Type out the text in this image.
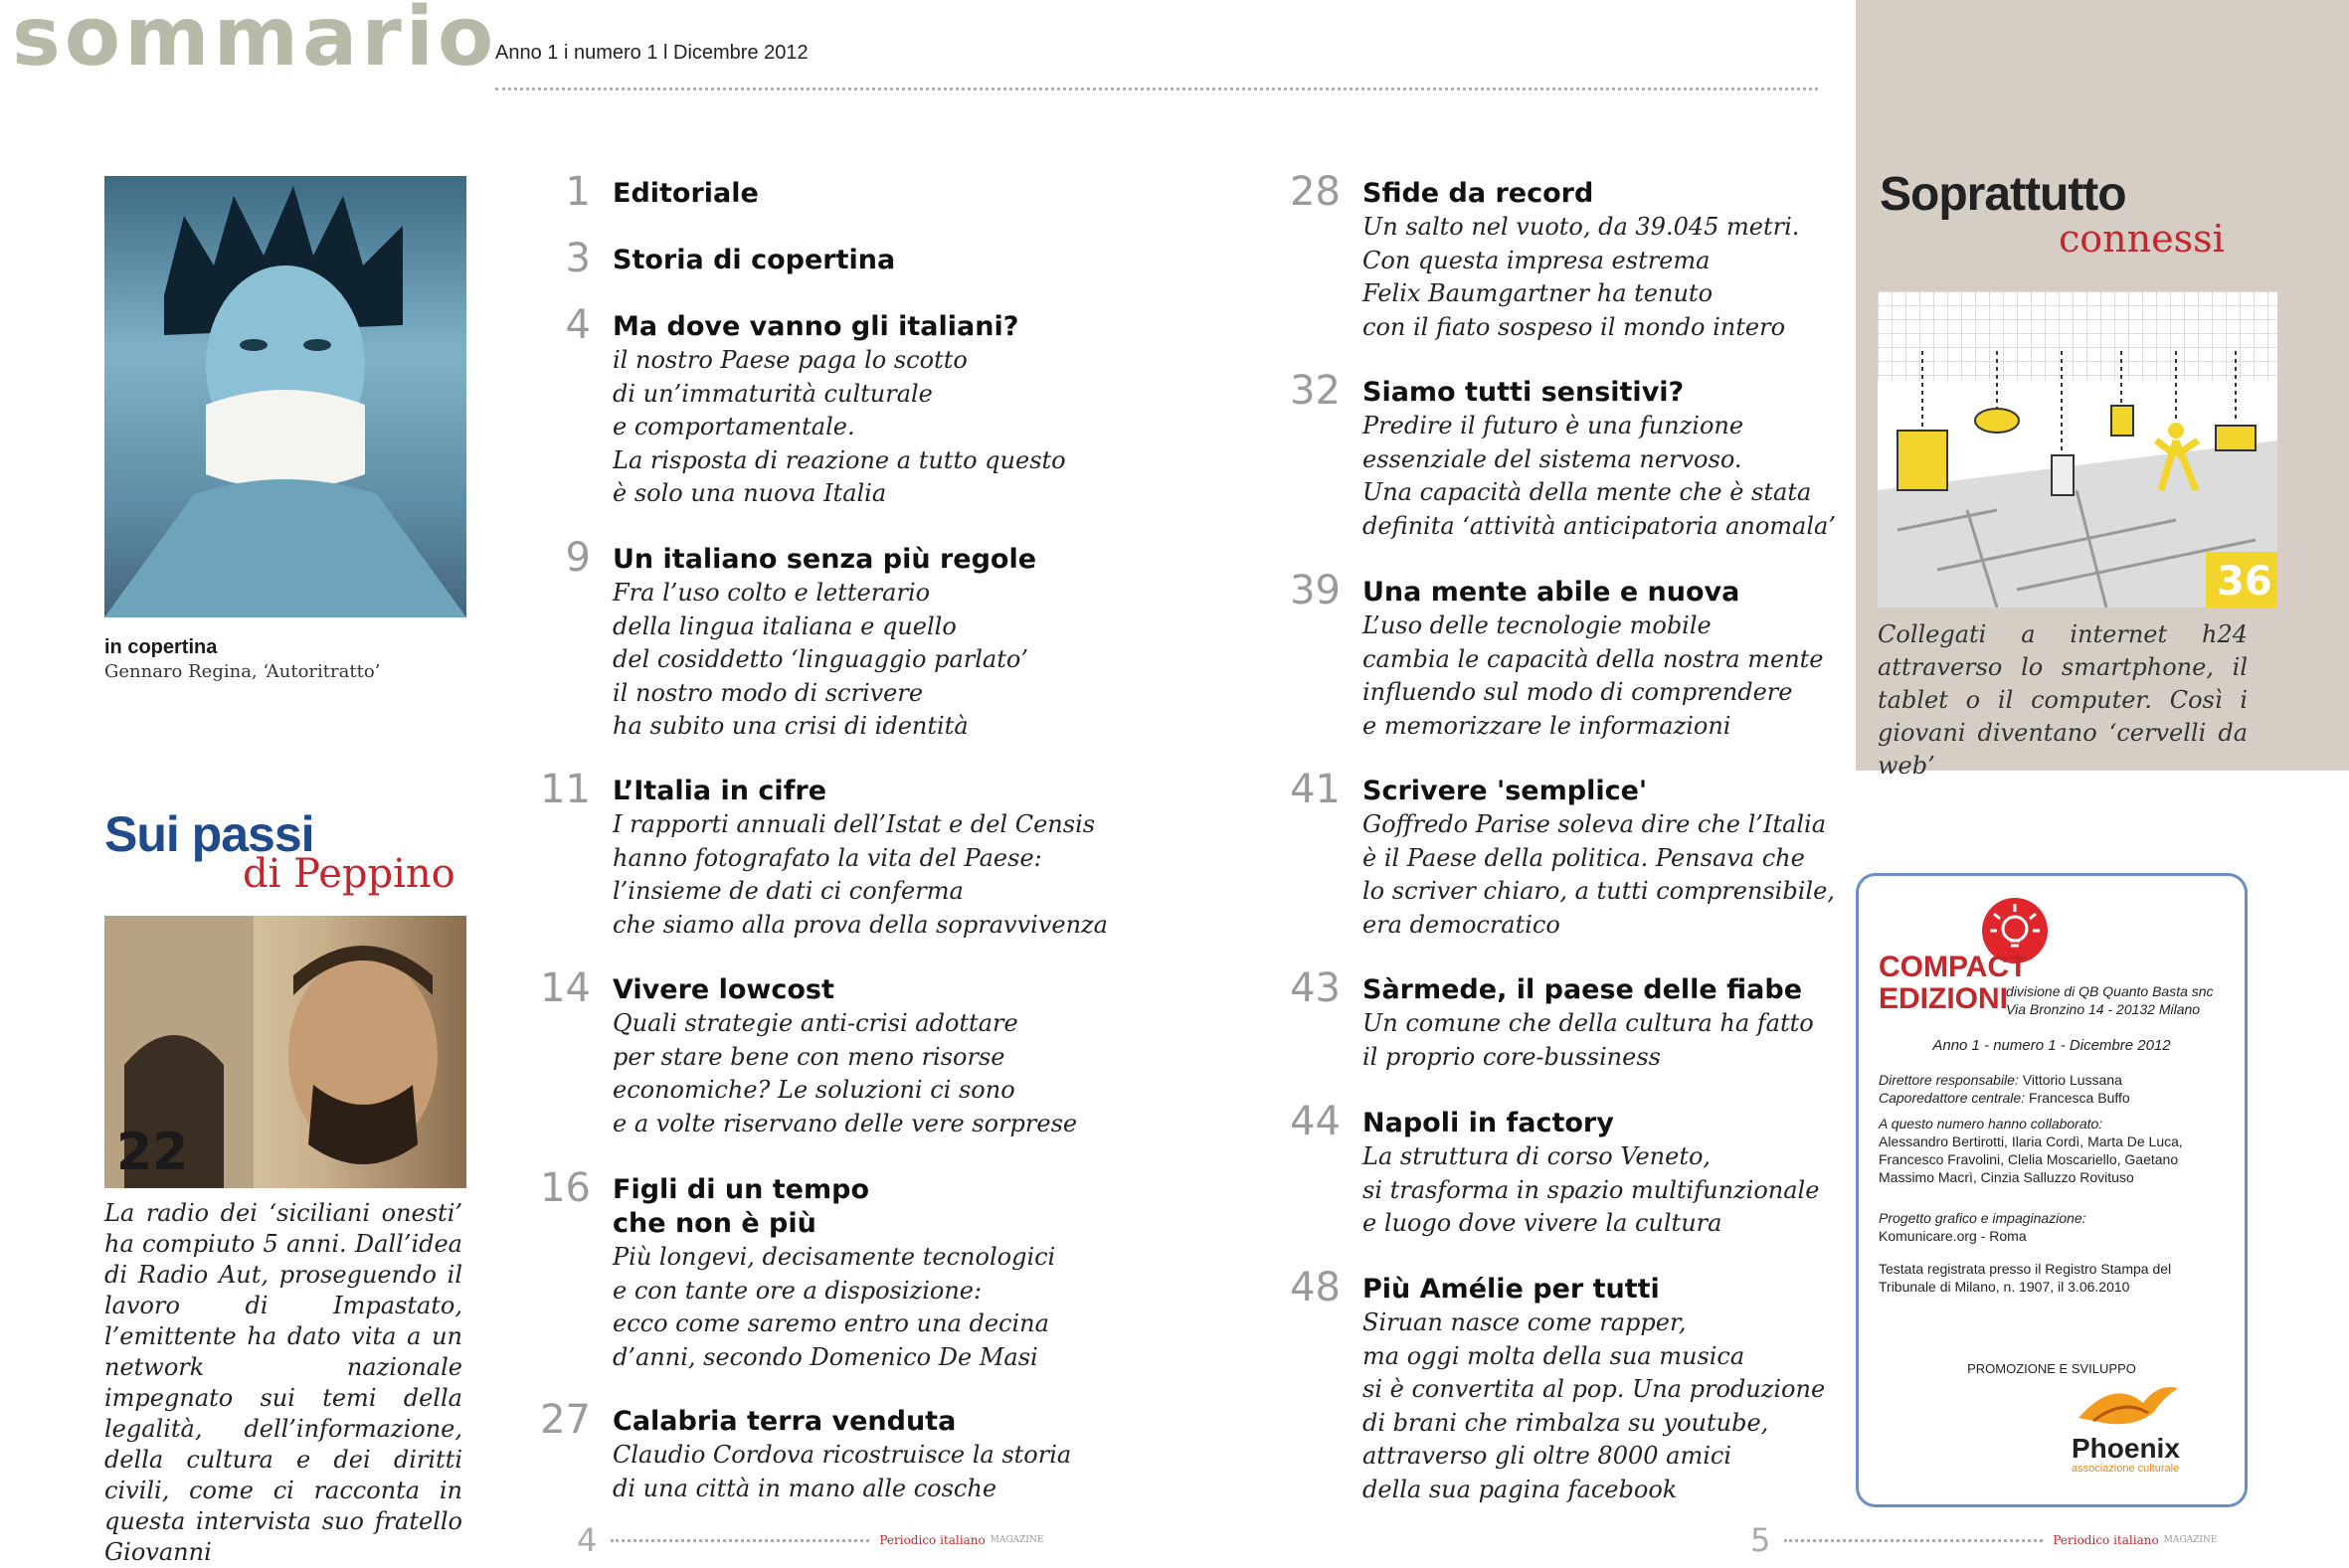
sommario
Anno 1 i numero 1 l Dicembre 2012
in copertina
Gennaro Regina, ‘Autoritratto’
Sui passi
di Peppino
22
La radio dei ‘siciliani onesti’ ha compiuto 5 anni. Dall’idea di Radio Aut, proseguendo il lavoro di Impastato, l’emittente ha dato vita a un network nazionale impegnato sui temi della legalità, dell’informazione, della cultura e dei diritti civili, come ci racconta in questa intervista suo fratello Giovanni
1 Editoriale
3 Storia di copertina
4 Ma dove vanno gli italiani?
il nostro Paese paga lo scotto
di un’immaturità culturale
e comportamentale.
La risposta di reazione a tutto questo
è solo una nuova Italia
9 Un italiano senza più regole
Fra l’uso colto e letterario
della lingua italiana e quello
del cosiddetto ‘linguaggio parlato’
il nostro modo di scrivere
ha subito una crisi di identità
11 L’Italia in cifre
I rapporti annuali dell’Istat e del Censis
hanno fotografato la vita del Paese:
l’insieme de dati ci conferma
che siamo alla prova della sopravvivenza
14 Vivere lowcost
Quali strategie anti-crisi adottare
per stare bene con meno risorse
economiche? Le soluzioni ci sono
e a volte riservano delle vere sorprese
16 Figli di un tempo
che non è più
Più longevi, decisamente tecnologici
e con tante ore a disposizione:
ecco come saremo entro una decina
d’anni, secondo Domenico De Masi
27 Calabria terra venduta
Claudio Cordova ricostruisce la storia
di una città in mano alle cosche
28 Sfide da record
Un salto nel vuoto, da 39.045 metri.
Con questa impresa estrema
Felix Baumgartner ha tenuto
con il fiato sospeso il mondo intero
32 Siamo tutti sensitivi?
Predire il futuro è una funzione
essenziale del sistema nervoso.
Una capacità della mente che è stata
definita ‘attività anticipatoria anomala’
39 Una mente abile e nuova
L’uso delle tecnologie mobile
cambia le capacità della nostra mente
influendo sul modo di comprendere
e memorizzare le informazioni
41 Scrivere 'semplice'
Goffredo Parise soleva dire che l’Italia
è il Paese della politica. Pensava che
lo scriver chiaro, a tutti comprensibile,
era democratico
43 Sàrmede, il paese delle fiabe
Un comune che della cultura ha fatto
il proprio core-bussiness
44 Napoli in factory
La struttura di corso Veneto,
si trasforma in spazio multifunzionale
e luogo dove vivere la cultura
48 Più Amélie per tutti
Siruan nasce come rapper,
ma oggi molta della sua musica
si è convertita al pop. Una produzione
di brani che rimbalza su youtube,
attraverso gli oltre 8000 amici
della sua pagina facebook
Soprattutto
connessi
36
Collegati a internet h24 attraverso lo smartphone, il tablet o il computer. Così i giovani diventano ‘cervelli da web’
COMPACT
EDIZIONI
divisione di QB Quanto Basta snc
Via Bronzino 14 - 20132 Milano
Anno 1 - numero 1 - Dicembre 2012
Direttore responsabile: Vittorio Lussana
Caporedattore centrale: Francesca Buffo
A questo numero hanno collaborato:
Alessandro Bertirotti, Ilaria Cordì, Marta De Luca, Francesco Fravolini, Clelia Moscariello, Gaetano Massimo Macrì, Cinzia Salluzzo Rovituso
Progetto grafico e impaginazione:
Komunicare.org - Roma
Testata registrata presso il Registro Stampa del Tribunale di Milano, n. 1907, il 3.06.2010
PROMOZIONE E SVILUPPO
Phoenix
associazione culturale
4	Periodico italiano MAGAZINE	5	Periodico italiano MAGAZINE
